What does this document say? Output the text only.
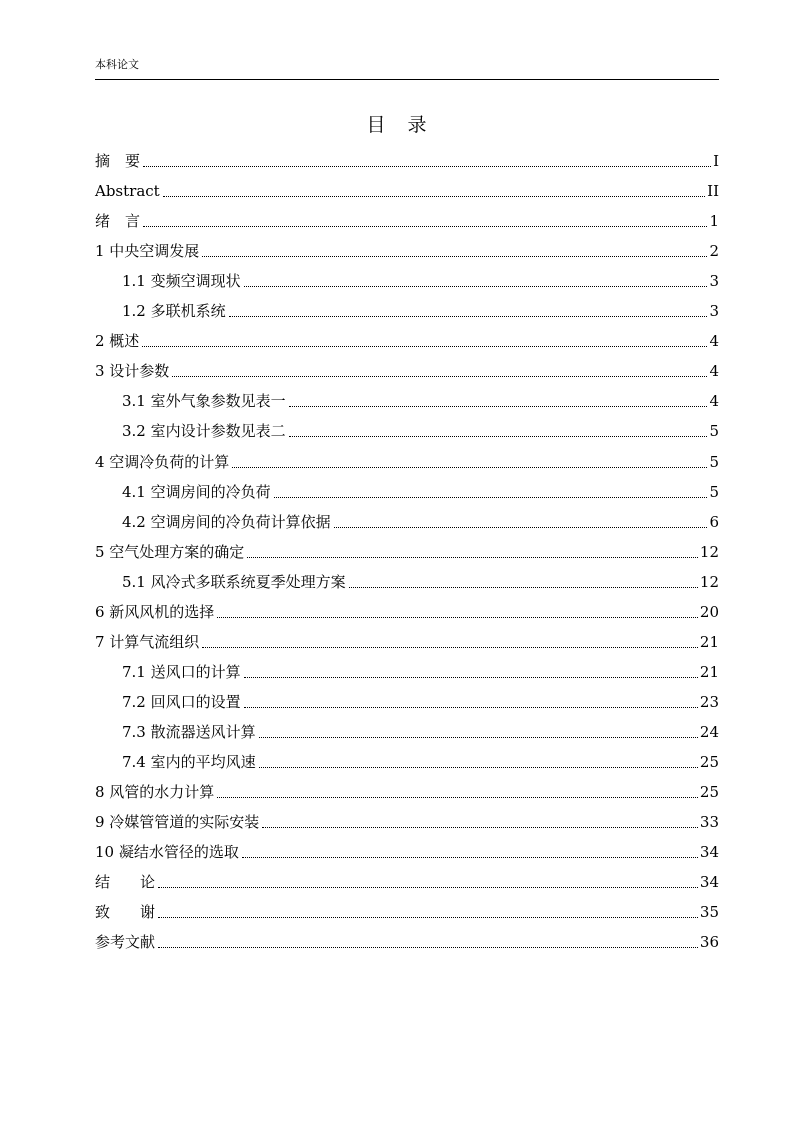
本科论文
目 录
摘　要	I
Abstract	II
绪　言	1
1 中央空调发展	2
1.1 变频空调现状	3
1.2 多联机系统	3
2 概述	4
3 设计参数	4
3.1 室外气象参数见表一	4
3.2 室内设计参数见表二	5
4 空调冷负荷的计算	5
4.1 空调房间的冷负荷	5
4.2 空调房间的冷负荷计算依据	6
5 空气处理方案的确定	12
5.1 风冷式多联系统夏季处理方案	12
6 新风风机的选择	20
7 计算气流组织	21
7.1 送风口的计算	21
7.2 回风口的设置	23
7.3 散流器送风计算	24
7.4 室内的平均风速	25
8 风管的水力计算	25
9 冷媒管管道的实际安装	33
10 凝结水管径的选取	34
结　　论	34
致　　谢	35
参考文献	36
